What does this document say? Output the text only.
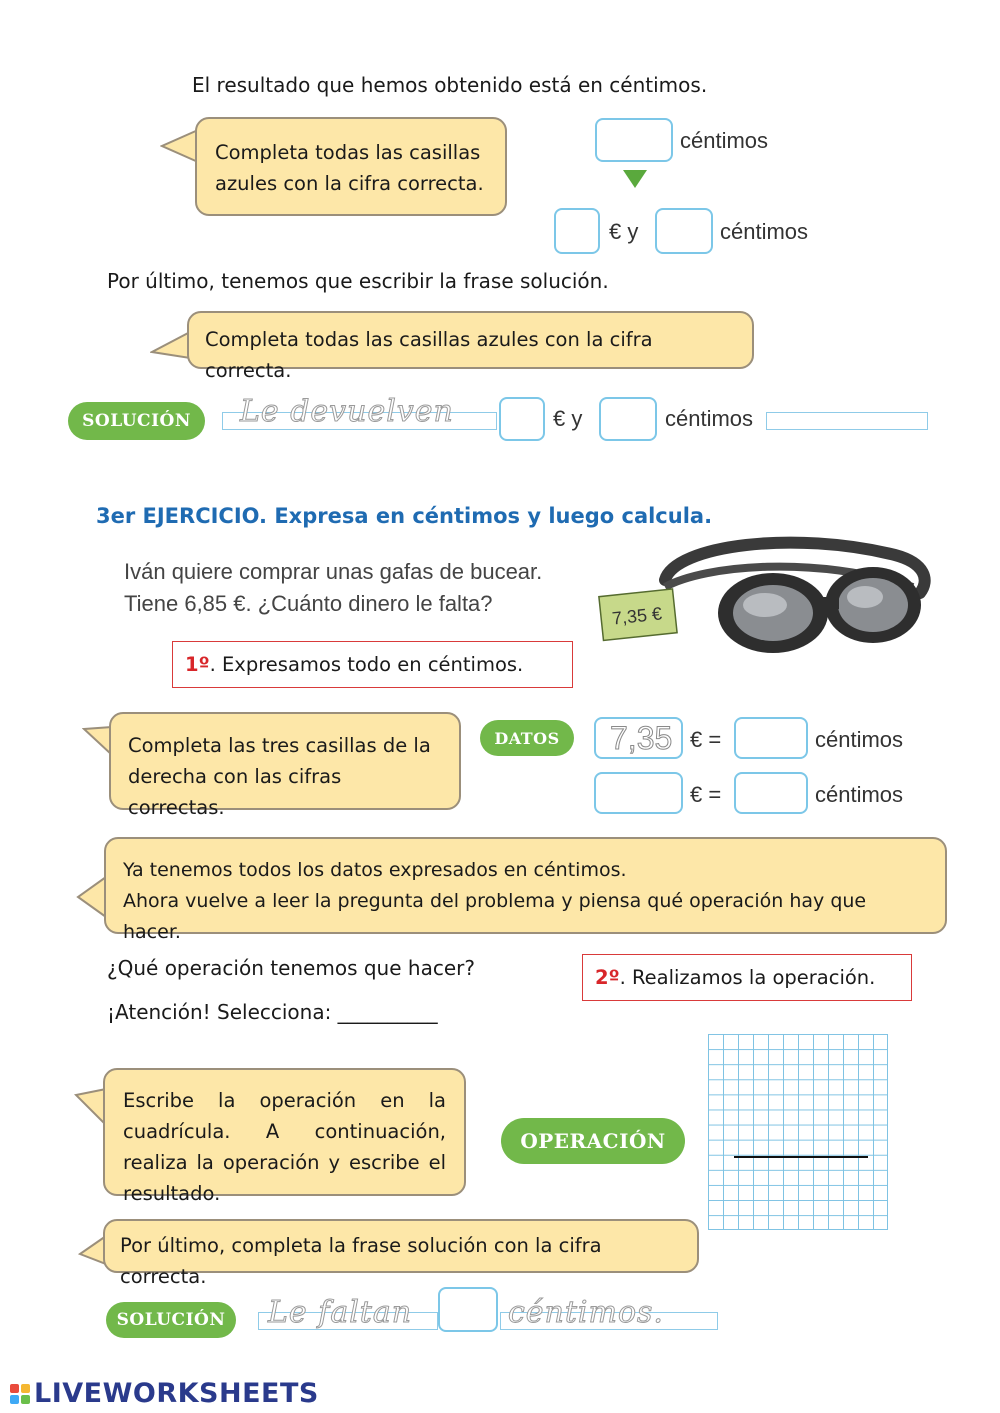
El resultado que hemos obtenido está en céntimos.
Completa todas las casillas azules con la cifra correcta.
céntimos
€ y	céntimos
Por último, tenemos que escribir la frase solución.
Completa todas las casillas azules con la cifra correcta.
SOLUCIÓN	Le devuelven	€ y	céntimos
3er EJERCICIO. Expresa en céntimos y luego calcula.
Iván quiere comprar unas gafas de bucear.
Tiene 6,85 €. ¿Cuánto dinero le falta?	7,35 €
1º . Expresamos todo en céntimos.
Completa las tres casillas de la derecha con las cifras correctas.
DATOS	7,35 € =	céntimos
€ =	céntimos
Ya tenemos todos los datos expresados en céntimos.
Ahora vuelve a leer la pregunta del problema y piensa qué operación hay que hacer.
¿Qué operación tenemos que hacer?
¡Atención! Selecciona: __________
2º . Realizamos la operación.
Escribe la operación en la cuadrícula. A continuación, realiza la operación y escribe el resultado.
OPERACIÓN
Por último, completa la frase solución con la cifra correcta.
SOLUCIÓN	Le faltan	céntimos.
LIVEWORKSHEETS
